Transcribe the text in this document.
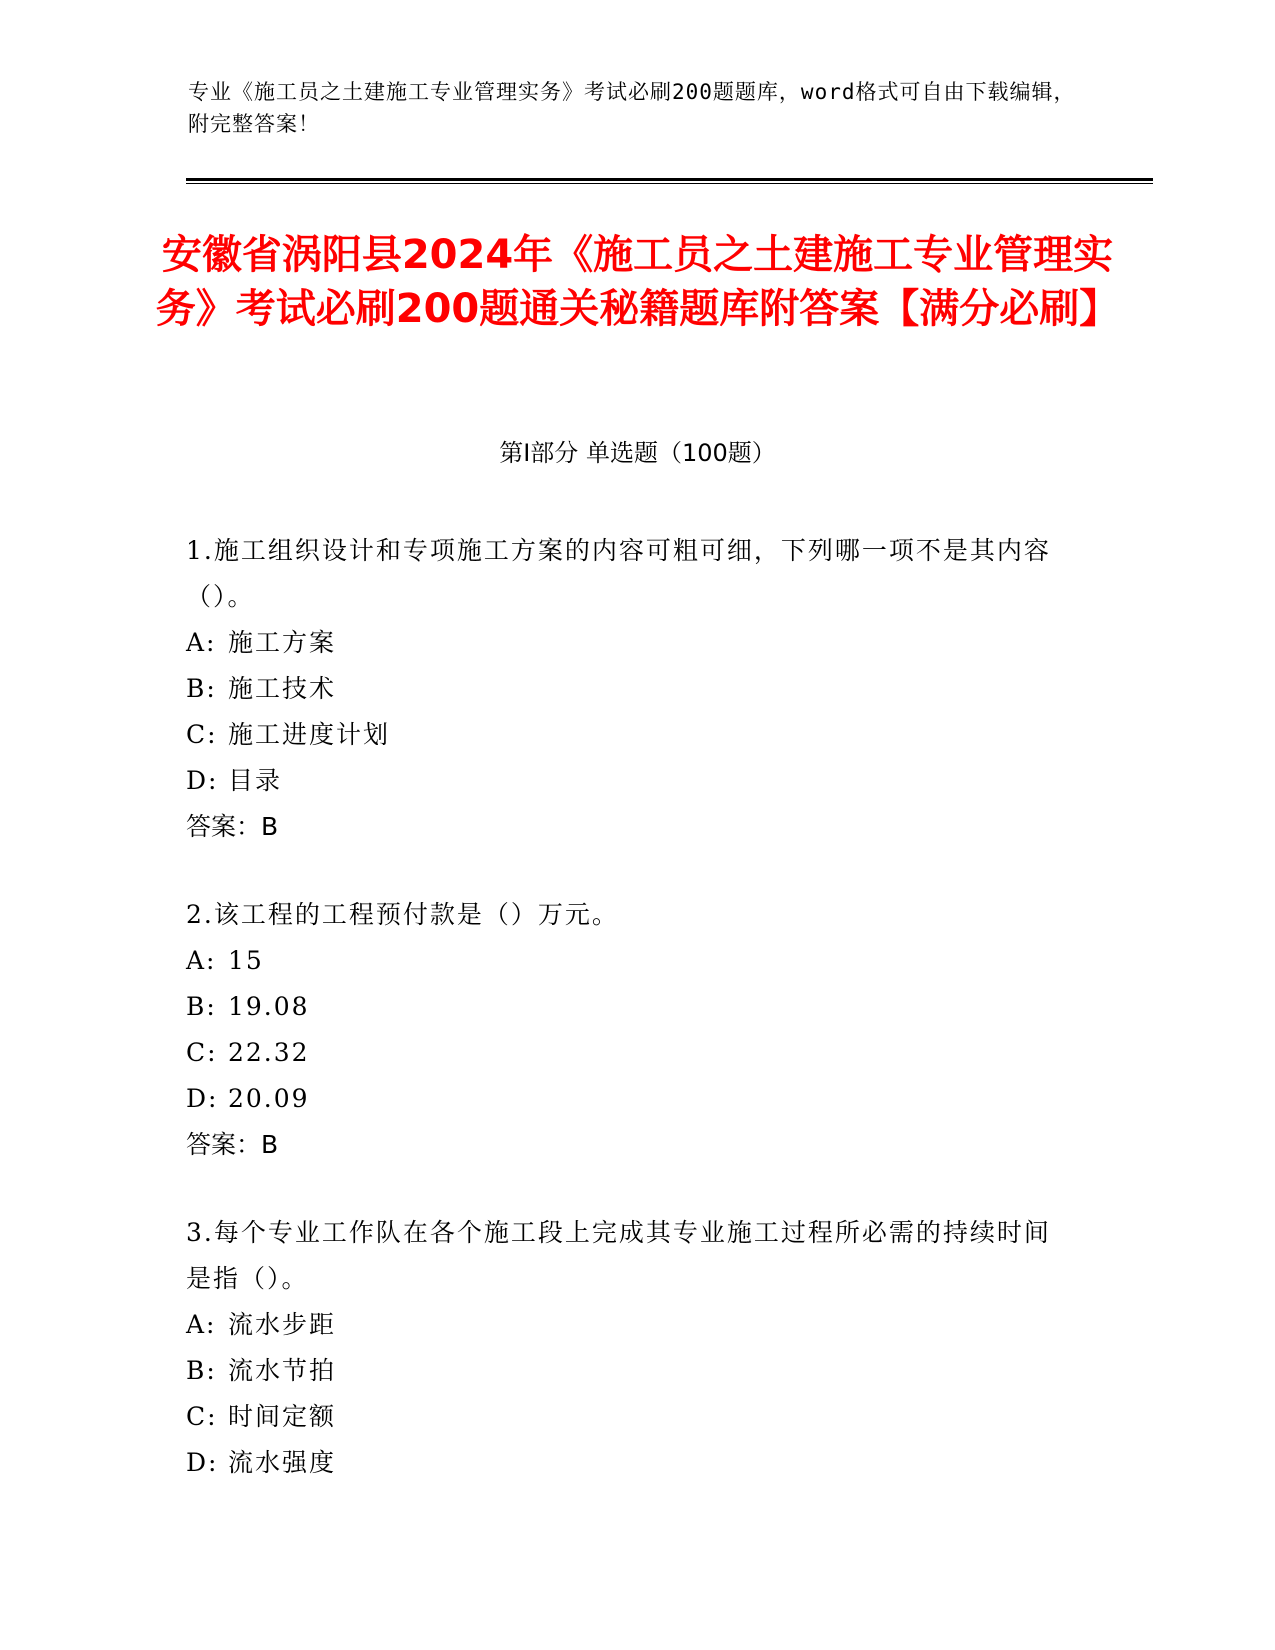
专业《施工员之土建施工专业管理实务》考试必刷200题题库，word格式可自由下载编辑，附完整答案！
安徽省涡阳县2024年《施工员之土建施工专业管理实务》考试必刷200题通关秘籍题库附答案【满分必刷】
第I部分 单选题（100题）
1.施工组织设计和专项施工方案的内容可粗可细，下列哪一项不是其内容（）。
A: 施工方案
B: 施工技术
C: 施工进度计划
D: 目录
答案：B
2.该工程的工程预付款是（）万元。
A: 15
B: 19.08
C: 22.32
D: 20.09
答案：B
3.每个专业工作队在各个施工段上完成其专业施工过程所必需的持续时间是指（）。
A: 流水步距
B: 流水节拍
C: 时间定额
D: 流水强度
